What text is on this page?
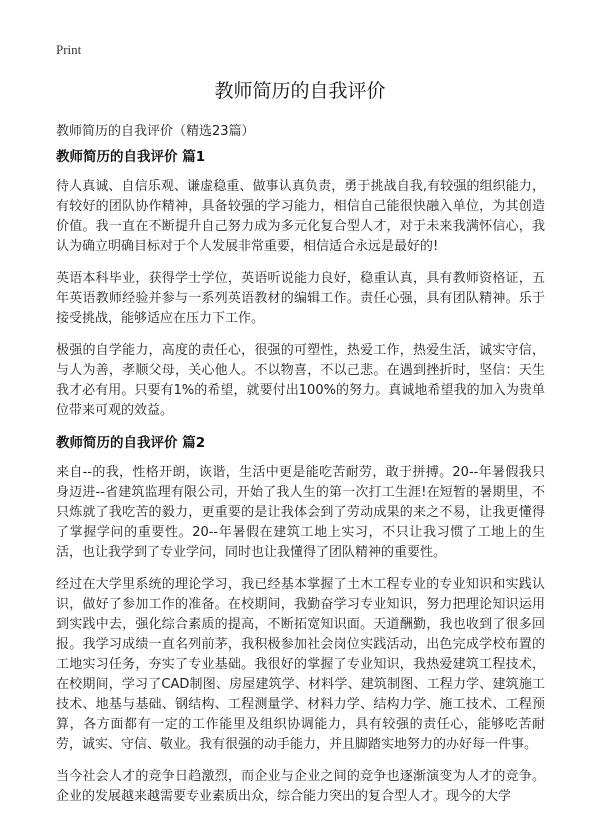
Print
教师简历的自我评价
教师简历的自我评价（精选23篇）
教师简历的自我评价 篇1

待人真诚、自信乐观、谦虚稳重、做事认真负责，勇于挑战自我,有较强的组织能力，有较好的团队协作精神，具备较强的学习能力，相信自己能很快融入单位，为其创造价值。我一直在不断提升自己努力成为多元化复合型人才，对于未来我满怀信心，我认为确立明确目标对于个人发展非常重要，相信适合永远是最好的!

英语本科毕业，获得学士学位，英语听说能力良好，稳重认真，具有教师资格证，五年英语教师经验并参与一系列英语教材的编辑工作。责任心强，具有团队精神。乐于接受挑战，能够适应在压力下工作。

极强的自学能力，高度的责任心，很强的可塑性，热爱工作，热爱生活，诚实守信，与人为善，孝顺父母，关心他人。不以物喜，不以己悲。在遇到挫折时，坚信：天生我才必有用。只要有1%的希望，就要付出100%的努力。真诚地希望我的加入为贵单位带来可观的效益。

教师简历的自我评价 篇2

来自--的我，性格开朗，诙谐，生活中更是能吃苦耐劳，敢于拼搏。20--年暑假我只身迈进--省建筑监理有限公司，开始了我人生的第一次打工生涯!在短暂的暑期里，不只炼就了我吃苦的毅力，更重要的是让我体会到了劳动成果的来之不易，让我更懂得了掌握学问的重要性。20--年暑假在建筑工地上实习，不只让我习惯了工地上的生活，也让我学到了专业学问，同时也让我懂得了团队精神的重要性。

经过在大学里系统的理论学习，我已经基本掌握了土木工程专业的专业知识和实践认识，做好了参加工作的准备。在校期间，我勤奋学习专业知识，努力把理论知识运用到实践中去，强化综合素质的提高，不断拓宽知识面。天道酬勤，我也收到了很多回报。我学习成绩一直名列前茅，我积极参加社会岗位实践活动，出色完成学校布置的工地实习任务，夯实了专业基础。我很好的掌握了专业知识，我热爱建筑工程技术，在校期间，学习了CAD制图、房屋建筑学、材料学、建筑制图、工程力学、建筑施工技术、地基与基础、钢结构、工程测量学、材料力学、结构力学、施工技术、工程预算，各方面都有一定的工作能里及组织协调能力，具有较强的责任心，能够吃苦耐劳，诚实、守信、敬业。我有很强的动手能力，并且脚踏实地努力的办好每一件事。

当今社会人才的竞争日趋激烈，而企业与企业之间的竞争也逐渐演变为人才的竞争。企业的发展越来越需要专业素质出众，综合能力突出的复合型人才。现今的大学
